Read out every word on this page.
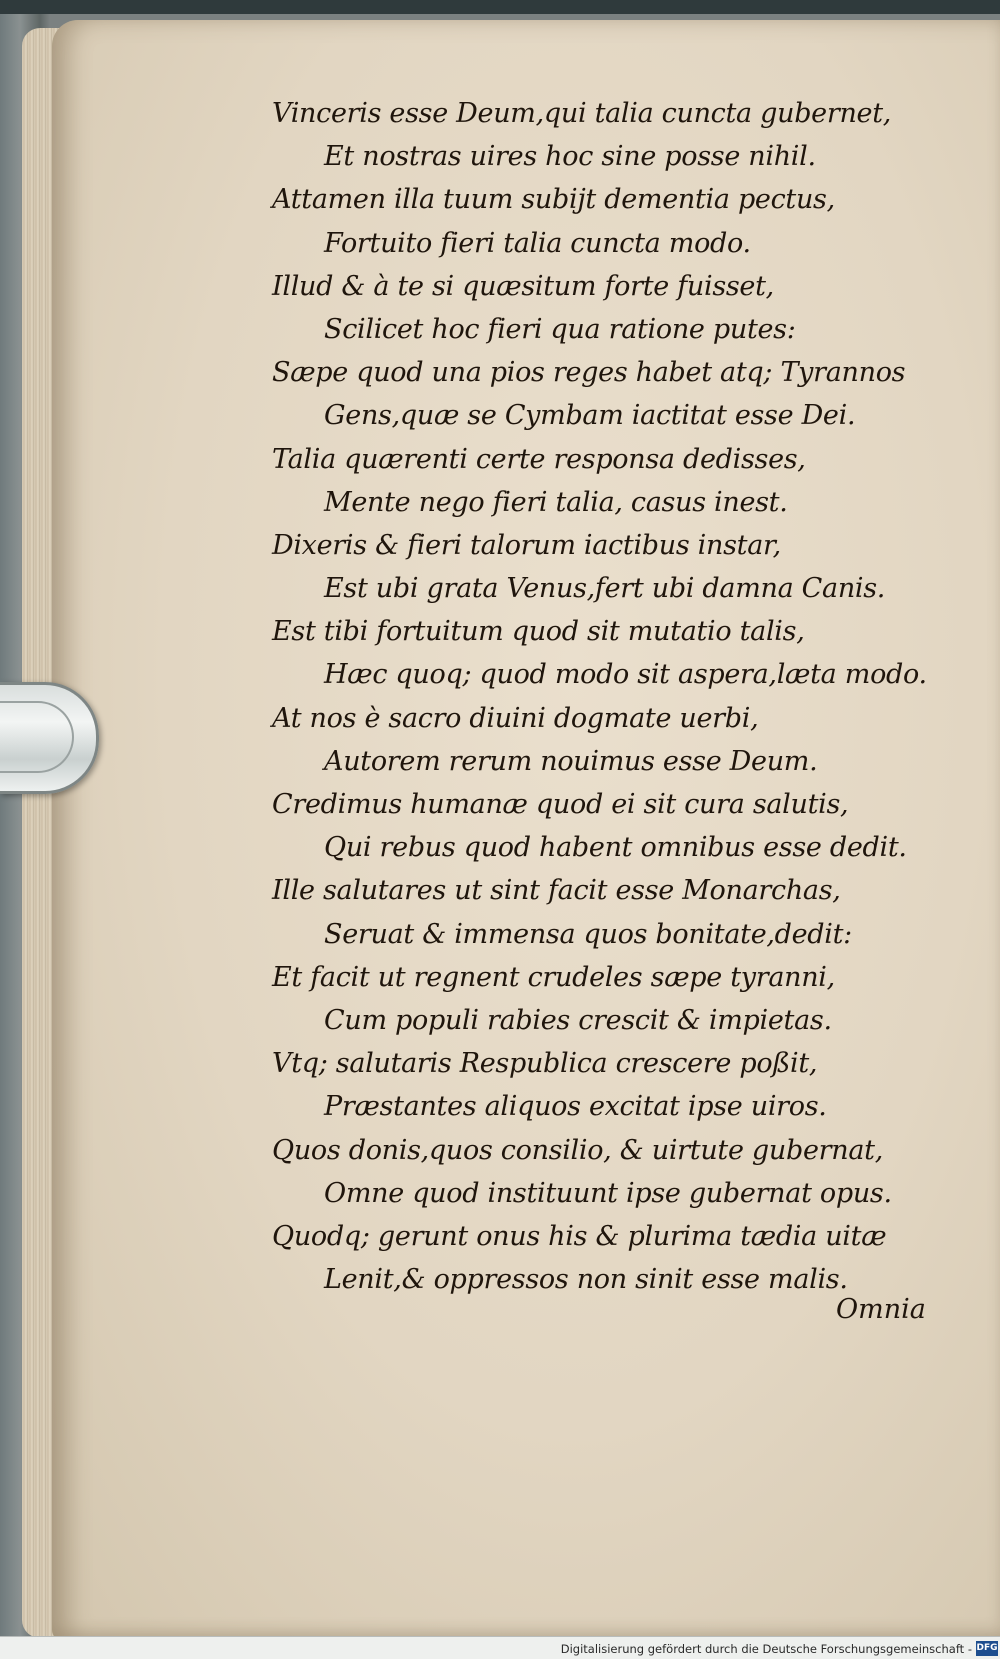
Vinceris esse Deum,qui talia cuncta gubernet,
Et nostras uires hoc sine posse nihil.
Attamen illa tuum subijt dementia pectus,
Fortuito fieri talia cuncta modo.
Illud & à te si quæsitum forte fuisset,
Scilicet hoc fieri qua ratione putes:
Sæpe quod una pios reges habet atq; Tyrannos
Gens,quæ se Cymbam iactitat esse Dei.
Talia quærenti certe responsa dedisses,
Mente nego fieri talia, casus inest.
Dixeris & fieri talorum iactibus instar,
Est ubi grata Venus,fert ubi damna Canis.
Est tibi fortuitum quod sit mutatio talis,
Hæc quoq; quod modo sit aspera,læta modo.
At nos è sacro diuini dogmate uerbi,
Autorem rerum nouimus esse Deum.
Credimus humanæ quod ei sit cura salutis,
Qui rebus quod habent omnibus esse dedit.
Ille salutares ut sint facit esse Monarchas,
Seruat & immensa quos bonitate,dedit:
Et facit ut regnent crudeles sæpe tyranni,
Cum populi rabies crescit & impietas.
Vtq; salutaris Respublica crescere poßit,
Præstantes aliquos excitat ipse uiros.
Quos donis,quos consilio, & uirtute gubernat,
Omne quod instituunt ipse gubernat opus.
Quodq; gerunt onus his & plurima tædia uitæ
Lenit,& oppressos non sinit esse malis.
Omnia
Digitalisierung gefördert durch die Deutsche Forschungsgemeinschaft - DFG
